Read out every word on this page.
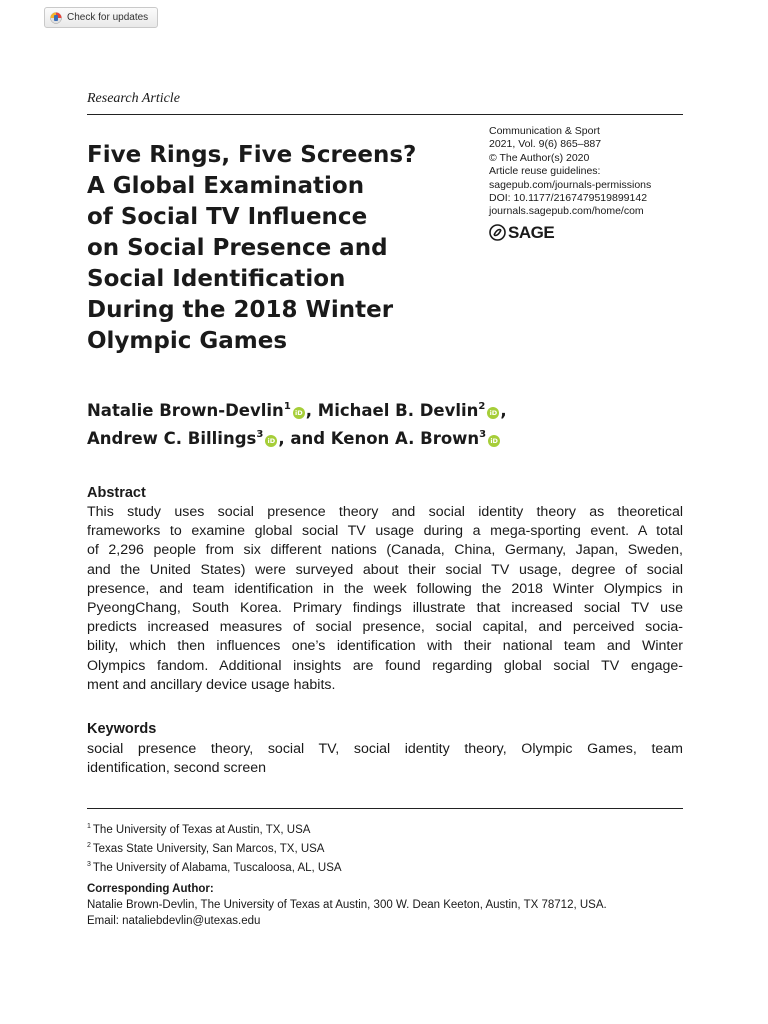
Check for updates
Research Article
Five Rings, Five Screens?
A Global Examination
of Social TV Influence
on Social Presence and
Social Identification
During the 2018 Winter
Olympic Games
Communication & Sport
2021, Vol. 9(6) 865–887
© The Author(s) 2020
Article reuse guidelines:
sagepub.com/journals-permissions
DOI: 10.1177/2167479519899142
journals.sagepub.com/home/com
SAGE
Natalie Brown-Devlin$^1$iD , Michael B. Devlin$^2$iD ,
Andrew C. Billings$^3$iD , and Kenon A. Brown$^3$iD
Abstract
This study uses social presence theory and social identity theory as theoretical
frameworks to examine global social TV usage during a mega-sporting event. A total
of 2,296 people from six different nations (Canada, China, Germany, Japan, Sweden,
and the United States) were surveyed about their social TV usage, degree of social
presence, and team identification in the week following the 2018 Winter Olympics in
PyeongChang, South Korea. Primary findings illustrate that increased social TV use
predicts increased measures of social presence, social capital, and perceived socia-
bility, which then influences one’s identification with their national team and Winter
Olympics fandom. Additional insights are found regarding global social TV engage-
ment and ancillary device usage habits.
Keywords
social presence theory, social TV, social identity theory, Olympic Games, team
identification, second screen
$^1$ The University of Texas at Austin, TX, USA
$^2$ Texas State University, San Marcos, TX, USA
$^3$ The University of Alabama, Tuscaloosa, AL, USA
Corresponding Author:
Natalie Brown-Devlin, The University of Texas at Austin, 300 W. Dean Keeton, Austin, TX 78712, USA.
Email: nataliebdevlin@utexas.edu
